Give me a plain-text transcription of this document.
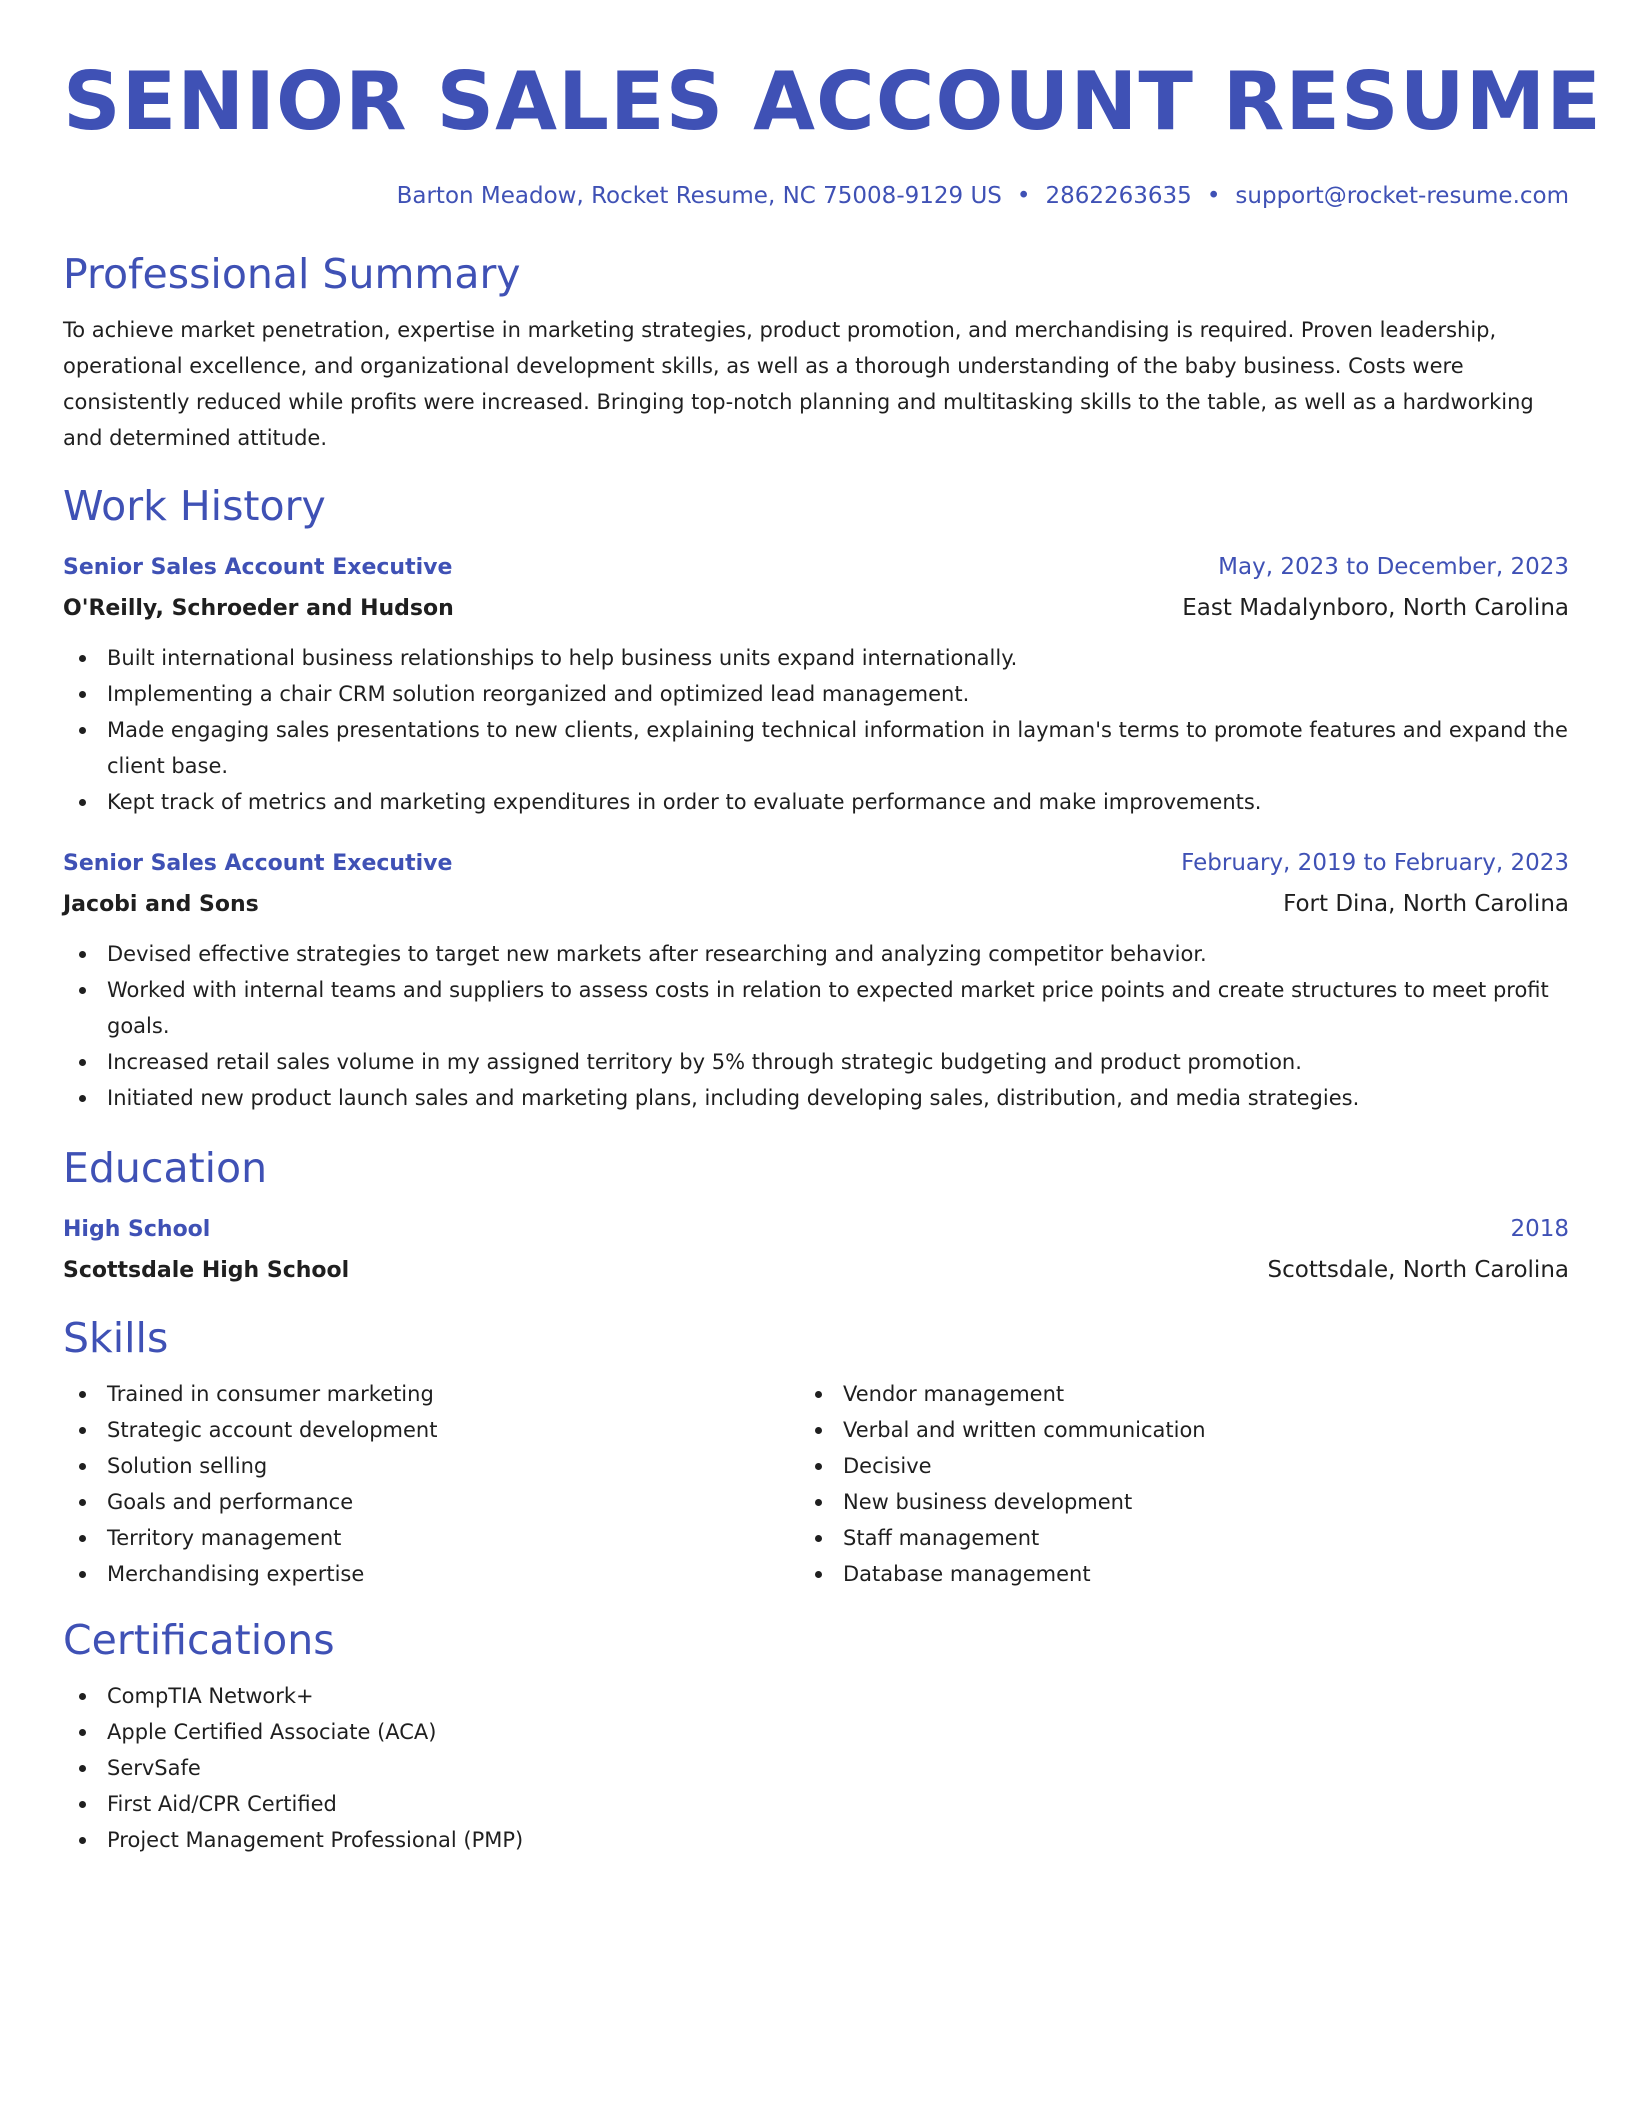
SENIOR SALES ACCOUNT RESUME
Barton Meadow, Rocket Resume, NC 75008-9129 US • 2862263635 • support@rocket-resume.com
Professional Summary
To achieve market penetration, expertise in marketing strategies, product promotion, and merchandising is required. Proven leadership, operational excellence, and organizational development skills, as well as a thorough understanding of the baby business. Costs were consistently reduced while profits were increased. Bringing top-notch planning and multitasking skills to the table, as well as a hardworking and determined attitude.
Work History
Senior Sales Account Executive	May, 2023 to December, 2023
O'Reilly, Schroeder and Hudson	East Madalynboro, North Carolina
Built international business relationships to help business units expand internationally.
Implementing a chair CRM solution reorganized and optimized lead management.
Made engaging sales presentations to new clients, explaining technical information in layman's terms to promote features and expand the client base.
Kept track of metrics and marketing expenditures in order to evaluate performance and make improvements.
Senior Sales Account Executive	February, 2019 to February, 2023
Jacobi and Sons	Fort Dina, North Carolina
Devised effective strategies to target new markets after researching and analyzing competitor behavior.
Worked with internal teams and suppliers to assess costs in relation to expected market price points and create structures to meet profit goals.
Increased retail sales volume in my assigned territory by 5% through strategic budgeting and product promotion.
Initiated new product launch sales and marketing plans, including developing sales, distribution, and media strategies.
Education
High School	2018
Scottsdale High School	Scottsdale, North Carolina
Skills
Trained in consumer marketing
Strategic account development
Solution selling
Goals and performance
Territory management
Merchandising expertise
Vendor management
Verbal and written communication
Decisive
New business development
Staff management
Database management
Certifications
CompTIA Network+
Apple Certified Associate (ACA)
ServSafe
First Aid/CPR Certified
Project Management Professional (PMP)
